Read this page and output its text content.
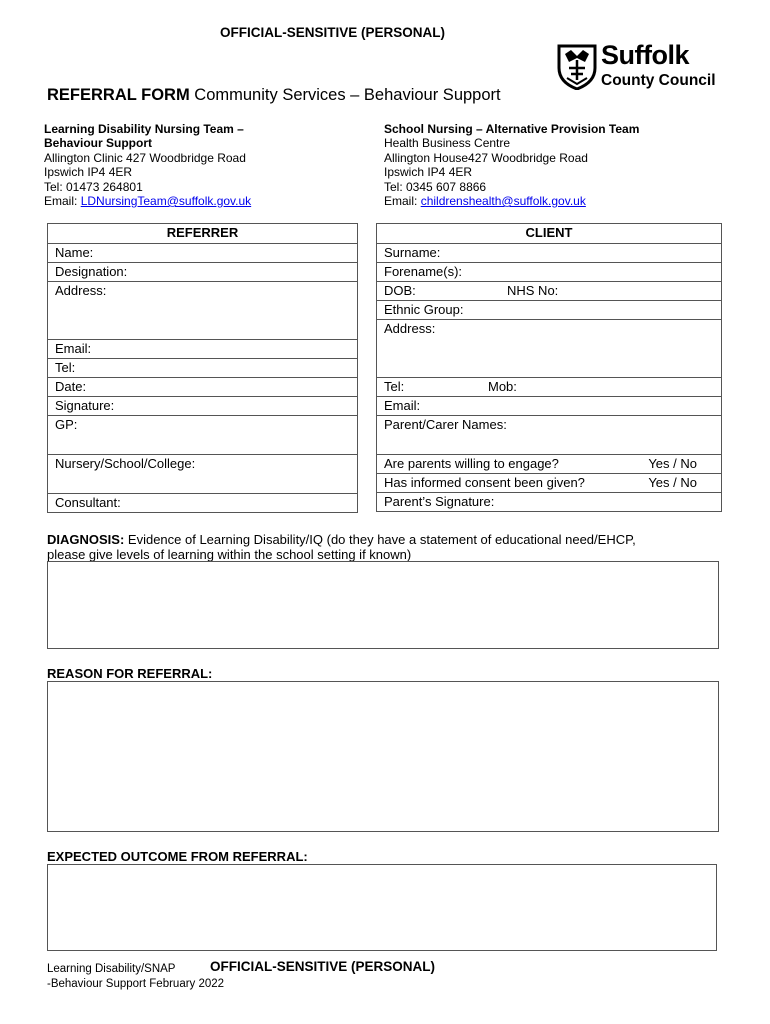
OFFICIAL-SENSITIVE (PERSONAL)
Suffolk
County Council
REFERRAL FORM Community Services – Behaviour Support
Learning Disability Nursing Team –
Behaviour Support
Allington Clinic 427 Woodbridge Road
Ipswich IP4 4ER
Tel: 01473 264801
Email: LDNursingTeam@suffolk.gov.uk
School Nursing – Alternative Provision Team
Health Business Centre
Allington House427 Woodbridge Road
Ipswich IP4 4ER
Tel: 0345 607 8866
Email: childrenshealth@suffolk.gov.uk
REFERRER
Name:
Designation:
Address:
Email:
Tel:
Date:
Signature:
GP:
Nursery/School/College:
Consultant:
CLIENT
Surname:
Forename(s):
DOB:	NHS No:

Ethnic Group:
Address:
Tel:	Mob:

Email:
Parent/Carer Names:
Are parents willing to engage?	Yes / No

Has informed consent been given?	Yes / No

Parent’s Signature:
DIAGNOSIS: Evidence of Learning Disability/IQ (do they have a statement of educational need/EHCP,
please give levels of learning within the school setting if known)
REASON FOR REFERRAL:
EXPECTED OUTCOME FROM REFERRAL:
Learning Disability/SNAP
-Behaviour Support February 2022
OFFICIAL-SENSITIVE (PERSONAL)
